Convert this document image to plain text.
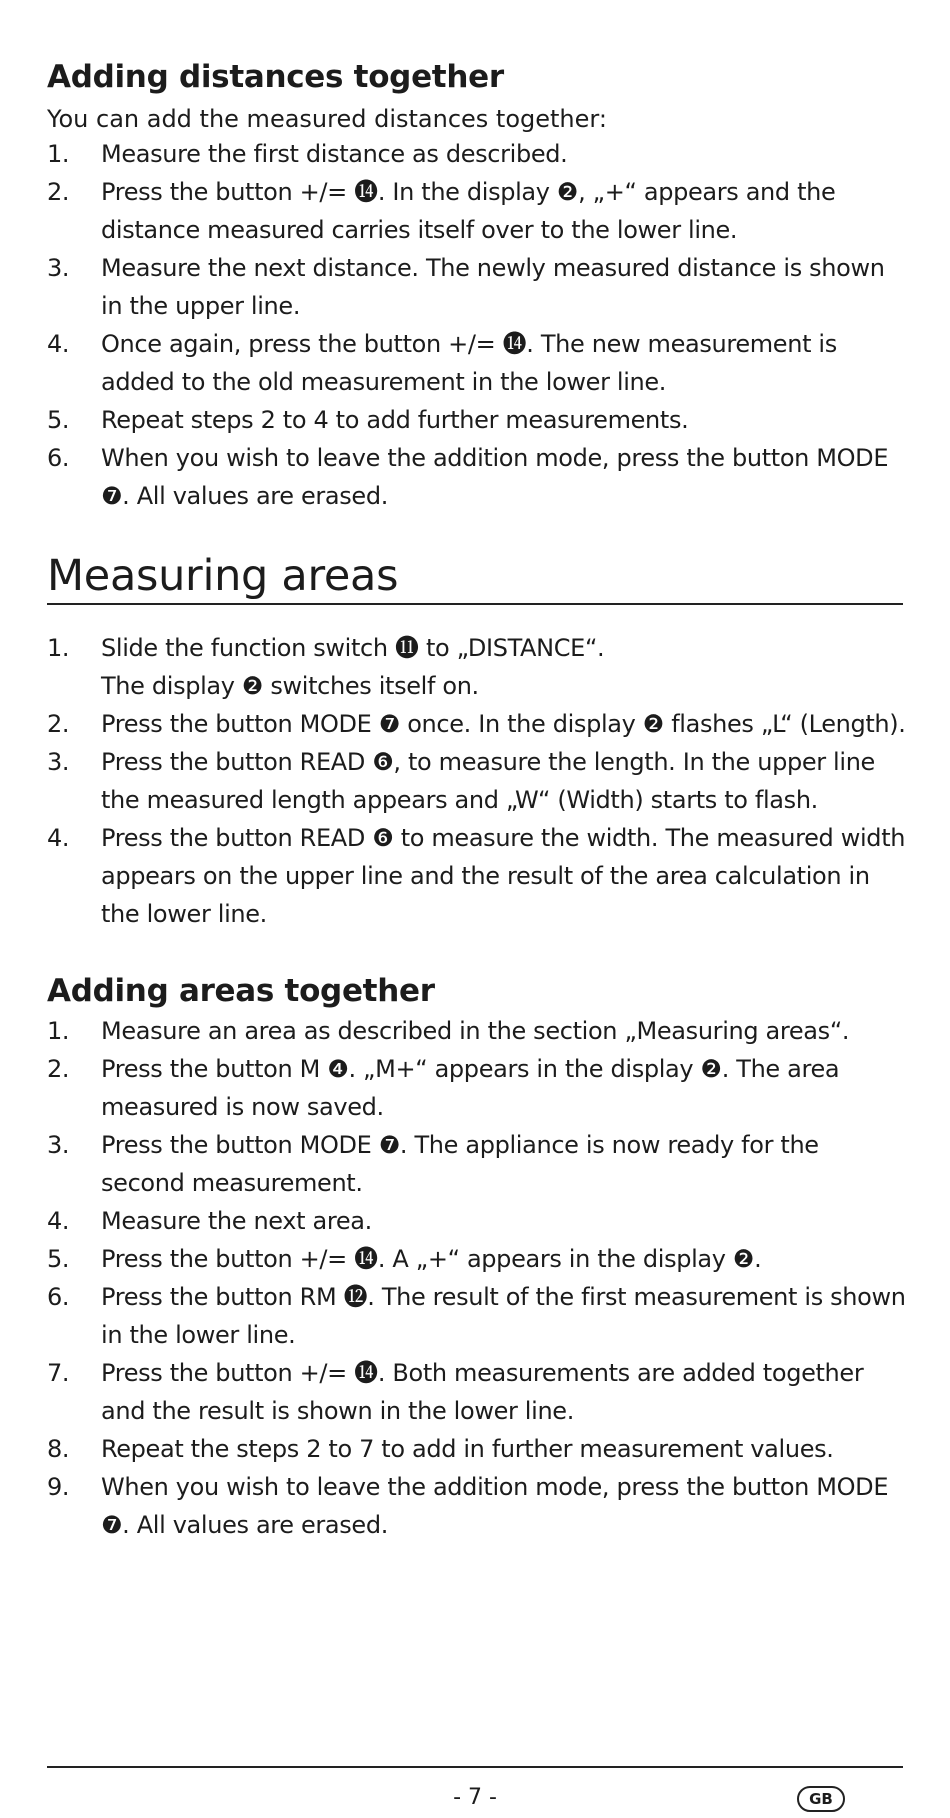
Adding distances together
You can add the measured distances together:
1.	Measure the first distance as described.
2.	Press the button +/= ⓮. In the display ❷, „+“ appears and the distance measured carries itself over to the lower line.
3.	Measure the next distance. The newly measured distance is shown in the upper line.
4.	Once again, press the button +/= ⓮. The new measurement is added to the old measurement in the lower line.
5.	Repeat steps 2 to 4 to add further measurements.
6.	When you wish to leave the addition mode, press the button MODE ❼. All values are erased.
Measuring areas
1.	Slide the function switch ⓫ to „DISTANCE“.
The display ❷ switches itself on.
2.	Press the button MODE ❼ once. In the display ❷ flashes „L“ (Length).
3.	Press the button READ ❻, to measure the length. In the upper line
the measured length appears and „W“ (Width) starts to flash.
4.	Press the button READ ❻ to measure the width. The measured width appears on the upper line and the result of the area calculation in the lower line.
Adding areas together
1.	Measure an area as described in the section „Measuring areas“.
2.	Press the button M ❹. „M+“ appears in the display ❷. The area measured is now saved.
3.	Press the button MODE ❼. The appliance is now ready for the second measurement.
4.	Measure the next area.
5.	Press the button +/= ⓮. A „+“ appears in the display ❷.
6.	Press the button RM ⓬. The result of the first measurement is shown in the lower line.
7.	Press the button +/= ⓮. Both measurements are added together and the result is shown in the lower line.
8.	Repeat the steps 2 to 7 to add in further measurement values.
9.	When you wish to leave the addition mode, press the button MODE ❼. All values are erased.
- 7 -	GB
